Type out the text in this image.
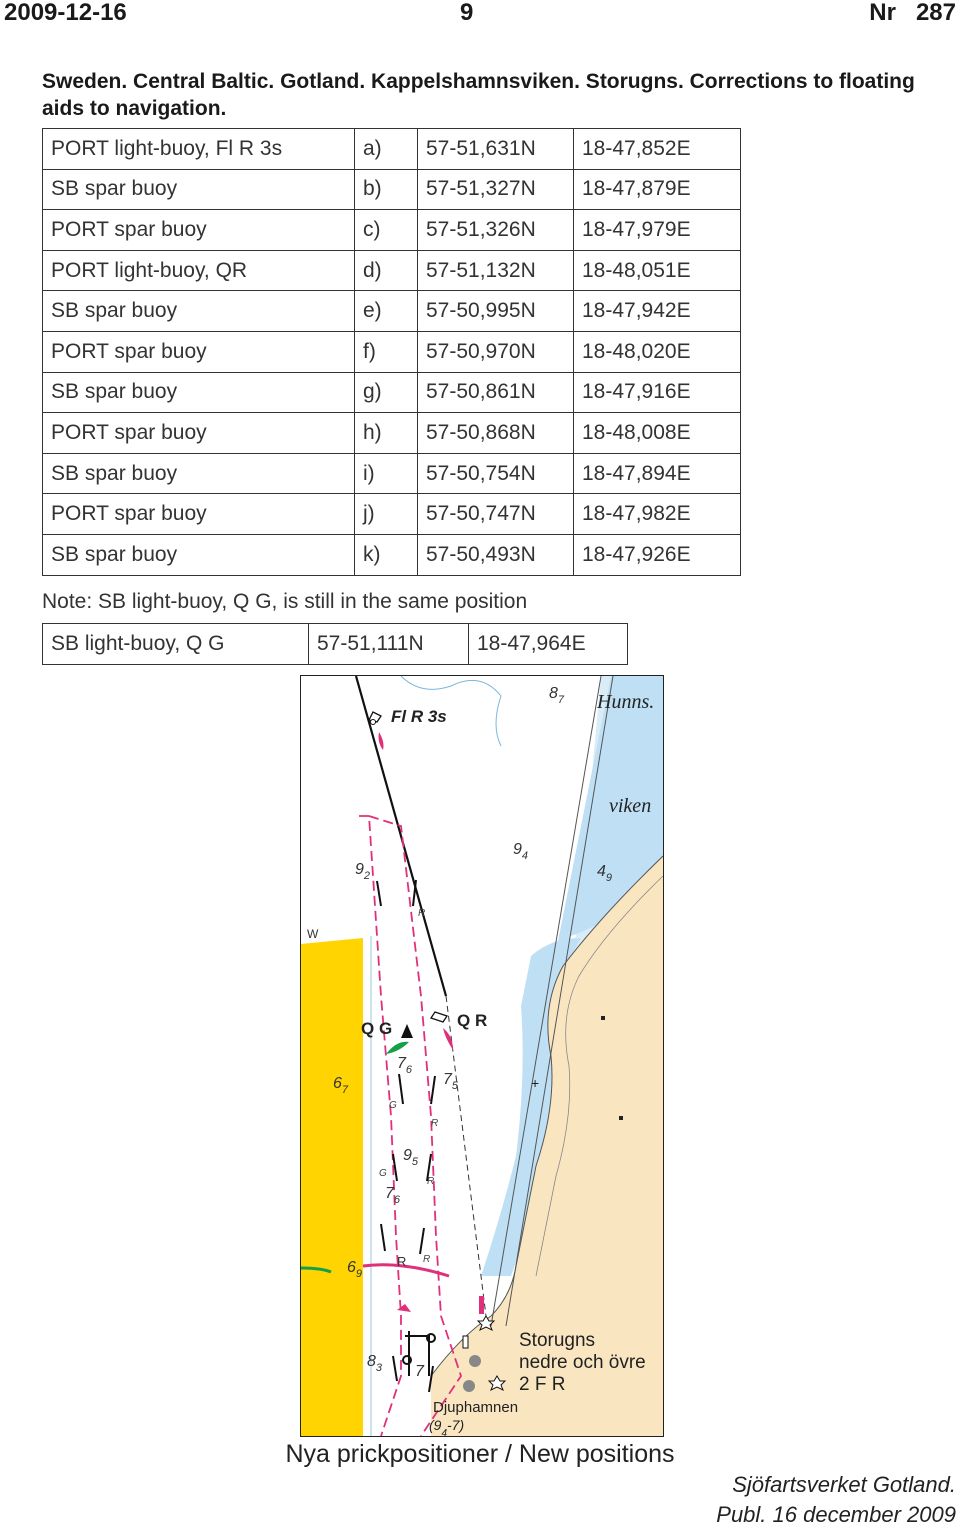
2009-12-16	9	Nr   287
Sweden. Central Baltic. Gotland. Kappelshamnsviken. Storugns. Corrections to floating aids to navigation.
PORT light-buoy, Fl R 3s	a)	57-51,631N	18-47,852E
SB spar buoy	b)	57-51,327N	18-47,879E
PORT spar buoy	c)	57-51,326N	18-47,979E
PORT light-buoy, QR	d)	57-51,132N	18-48,051E
SB spar buoy	e)	57-50,995N	18-47,942E
PORT spar buoy	f)	57-50,970N	18-48,020E
SB spar buoy	g)	57-50,861N	18-47,916E
PORT spar buoy	h)	57-50,868N	18-48,008E
SB spar buoy	i)	57-50,754N	18-47,894E
PORT spar buoy	j)	57-50,747N	18-47,982E
SB spar buoy	k)	57-50,493N	18-47,926E
Note: SB light-buoy, Q G, is still in the same position
SB light-buoy, Q G	57-51,111N	18-47,964E
Fl R 3s
Q G	Q R
R
G
R
G
R
R
R
Hunns.
viken
W
Storugns
nedre och övre
2 F R
Djuphamnen
$(9_4-7)$
$8_7$
$9_4$
$4_9$
$9_2$
$6_7$
$7_6$
$7_5$
$9_5$
$7_6$
$6_9$
$8_3$ 7
+
Nya prickpositioner / New positions
Sjöfartsverket Gotland.
Publ. 16 december 2009
